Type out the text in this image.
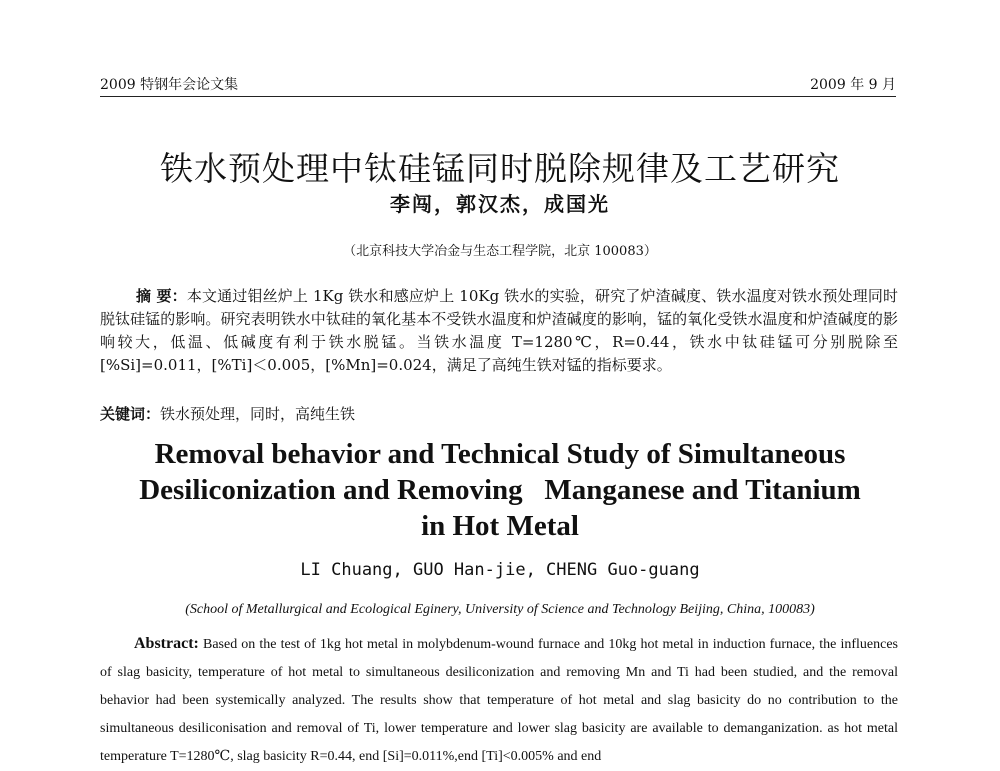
2009 特钢年会论文集	2009 年 9 月
铁水预处理中钛硅锰同时脱除规律及工艺研究
李闯，郭汉杰，成国光
（北京科技大学冶金与生态工程学院，北京 100083）
摘 要：本文通过钼丝炉上 1Kg 铁水和感应炉上 10Kg 铁水的实验，研究了炉渣碱度、铁水温度对铁水预处理同时脱钛硅锰的影响。研究表明铁水中钛硅的氧化基本不受铁水温度和炉渣碱度的影响，锰的氧化受铁水温度和炉渣碱度的影响较大，低温、低碱度有利于铁水脱锰。当铁水温度 T=1280℃，R=0.44，铁水中钛硅锰可分别脱除至[%Si]=0.011，[%Ti]＜0.005，[%Mn]=0.024，满足了高纯生铁对锰的指标要求。
关键词：铁水预处理，同时，高纯生铁
Removal behavior and Technical Study of Simultaneous
Desiliconization and Removing   Manganese and Titanium
in Hot Metal
LI Chuang, GUO Han-jie, CHENG Guo-guang
(School of Metallurgical and Ecological Eginery, University of Science and Technology Beijing, China, 100083)
Abstract: Based on the test of 1kg hot metal in molybdenum-wound furnace and 10kg hot metal in induction furnace, the influences of slag basicity, temperature of hot metal to simultaneous desiliconization and removing Mn and Ti had been studied, and the removal behavior had been systemically analyzed. The results show that temperature of hot metal and slag basicity do no contribution to the simultaneous desiliconisation and removal of Ti, lower temperature and lower slag basicity are available to demanganization. as hot metal temperature T=1280℃, slag basicity R=0.44, end [Si]=0.011%,end [Ti]<0.005% and end
